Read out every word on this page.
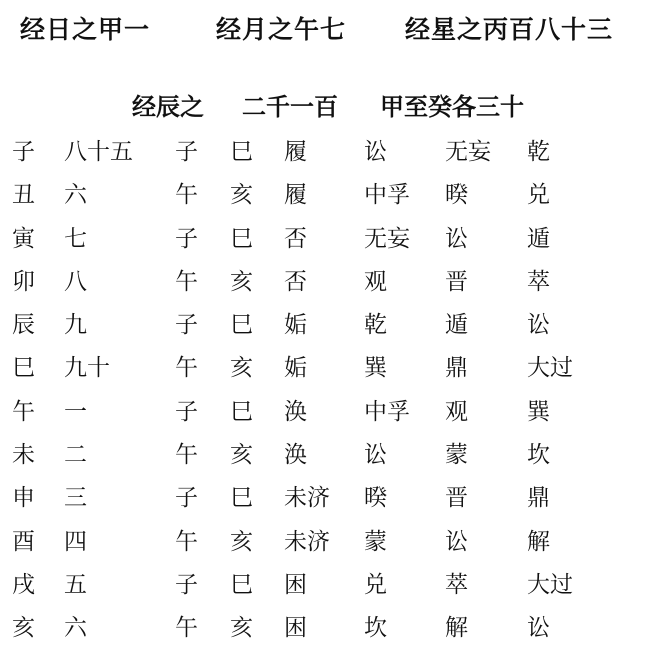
经日之甲一	经月之午七 经星之丙百八十三
经辰之 二千一百 甲至癸各三十
子 八十五 子 巳 履 讼	无妄 乾
丑 六	午 亥 履 中孚 暌	兑
寅 七	子 巳 否 无妄 讼	遁
卯 八	午 亥 否 观	晋	萃
辰 九	子 巳 姤 乾	遁	讼
巳 九十	午 亥 姤 巽	鼎	大过
午 一	子 巳 涣 中孚 观	巽
未 二	午 亥 涣 讼	蒙	坎
申 三	子 巳 未济 暌	晋	鼎
酉 四	午 亥 未济 蒙	讼	解
戌 五	子 巳 困 兑	萃	大过
亥 六	午 亥 困 坎	解	讼
